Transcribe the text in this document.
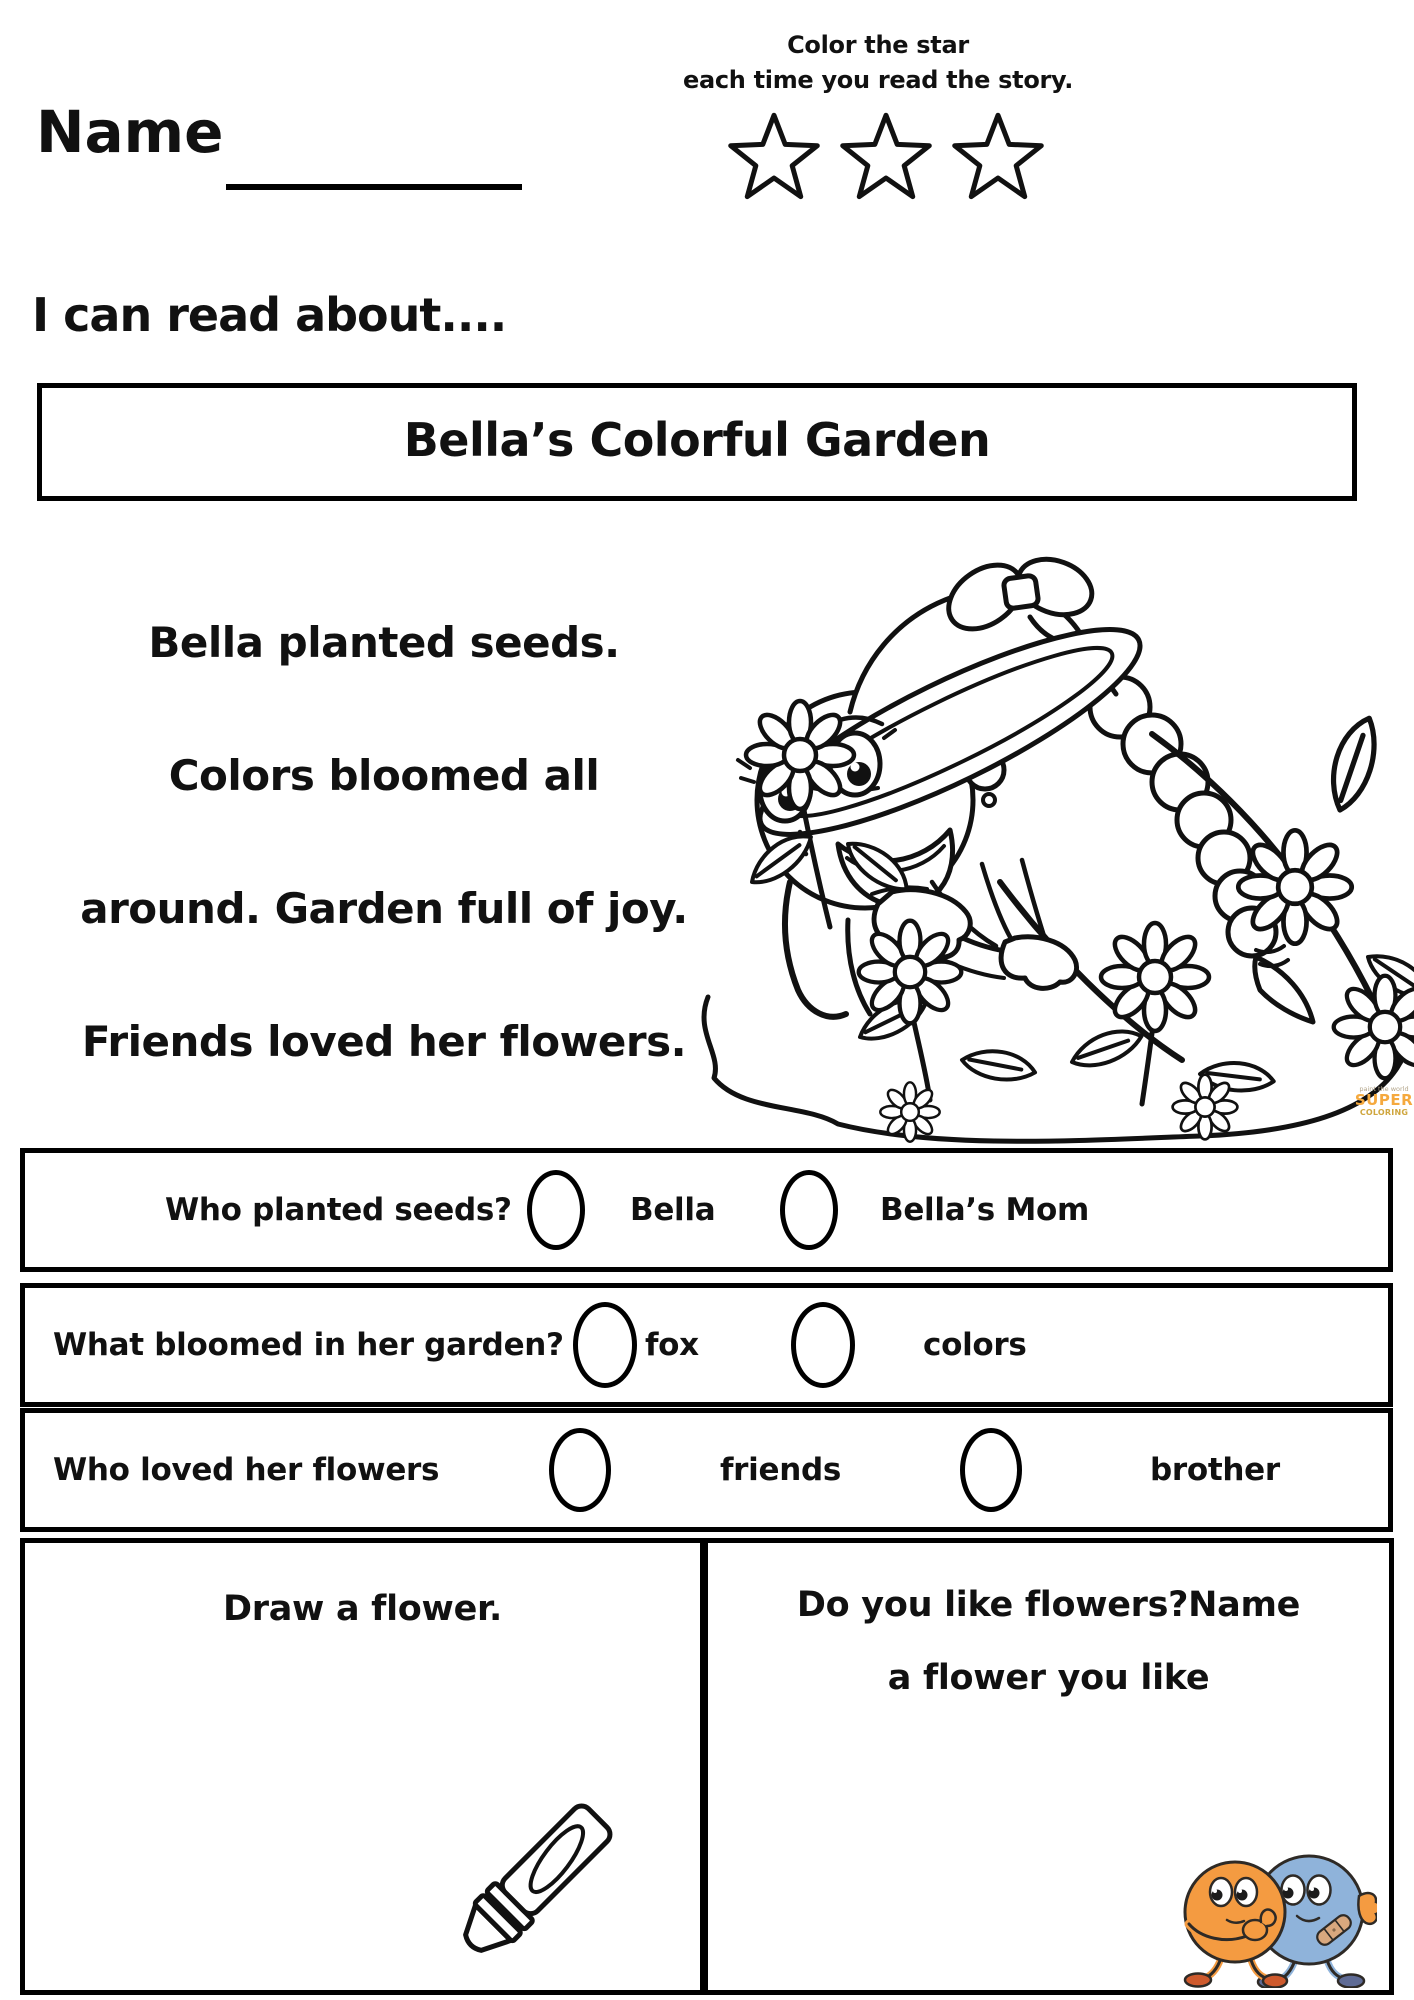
Name
Color the star
each time you read the story.
I can read about....
Bella’s Colorful Garden
Bella planted seeds.
Colors bloomed all
around. Garden full of joy.
Friends loved her flowers.
paint the world
SUPER
COLORING
Who planted seeds?	Bella	Bella’s Mom
What bloomed in her garden?	fox	colors
Who loved her flowers	friends	brother
Draw a flower.	Do you like flowers?Name
a flower you like
